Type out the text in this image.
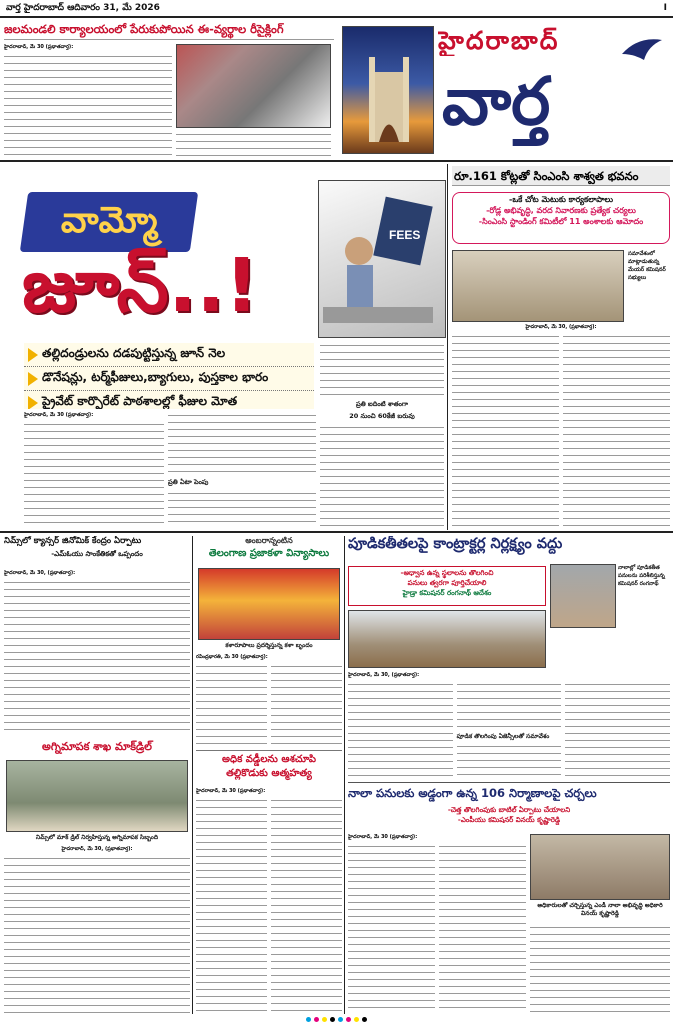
వార్త హైదరాబాద్ ఆదివారం 31, మే 2026	I
జలమండలి కార్యాలయంలో పేరుకుపోయిన ఈ-వ్యర్థాల రీసైక్లింగ్
హైదరాబాద్, మే 30 (ప్రభాతవార్త):	హైదరాబాద్
వార్త
వామ్మో
జూన్..!
FEES
తల్లిదండ్రులను దడపుట్టిస్తున్న జూన్ నెల
డొనేషన్లు, టర్మ్‌ఫీజులు,బ్యాగులు, పుస్తకాల భారం
ప్రైవేట్ కార్పొరేట్ పాఠశాలల్లో ఫీజుల మోత
హైదరాబాద్, మే 30 (ప్రభాతవార్త):
ప్రతి ఏటా పెంపు
ప్రతి ఐదింటి శాతంగా
20 నుంచి 60కేజీ బరువు
రూ.161 కోట్లతో సింఎంసి శాశ్వత భవనం
-ఒకే చోట మెటుకు కార్యకలాపాలు
-రోడ్ల అభివృద్ధి, వరద నివారణకు ప్రత్యేక చర్యలు
-సింఎంసి స్టాండింగ్ కమిటీలో 11 అంశాలకు ఆమోదం
సమావేశంలో మాట్లాడుతున్న మేయర్ కమిషనర్ సభ్యులు
హైదరాబాద్, మే 30, (ప్రభాతవార్త):
నిమ్స్‌లో క్యాన్సర్ జినోమిక్ కేంద్రం ఏర్పాటు
-ఎమ్ఓయు సాంకేతికతో ఒప్పందం
హైదరాబాద్, మే 30, (ప్రభాతవార్త):
అగ్నిమాపక శాఖ మాక్‌డ్రిల్
నిమ్స్‌లో మాక్ డ్రిల్ నిర్వహిస్తున్న అగ్నిమాపక సిబ్బంది
హైదరాబాద్, మే 30, (ప్రభాతవార్త):
అంబరాన్నంటిన
తెలంగాణ ప్రజాకళా విన్యాసాలు
కళారూపాలు ప్రదర్శిస్తున్న కళా బృందం
రవీంద్రభారతి, మే 30 (ప్రభాతవార్త):
అధిక వడ్డీలను ఆశచూపి
తల్లికొడుకు ఆత్మహత్య
హైదరాబాద్, మే 30 (ప్రభాతవార్త):
పూడికతీతలపై కాంట్రాక్టర్ల నిర్లక్ష్యం వద్దు
-అధ్వాన ఉన్న స్థలాలను తొలగించి
పనులు త్వరగా పూర్తిచేయాలి
హైడ్రా కమిషనర్ రంగనాథ్ ఆదేశం
నాలాల్లో పూడికతీత పనులను పరిశీలిస్తున్న కమిషనర్ రంగనాథ్
హైదరాబాద్, మే 30, (ప్రభాతవార్త):
పూడిక తొలగింపు ఏజెన్సీలతో సమావేశం
నాలా పనులకు అడ్డంగా ఉన్న 106 నిర్మాణాలపై చర్చలు
-చెత్త తొలగింపుకు బాటిల్ ఏర్పాటు చేయాలని
-ఎంపీయు కమిషనర్ వినయ్ కృష్ణారెడ్డి
హైదరాబాద్, మే 30 (ప్రభాతవార్త):
అధికారులతో చర్చిస్తున్న ఎండీ నాలా అభివృద్ధి అధికారి వినయ్ కృష్ణారెడ్డి
